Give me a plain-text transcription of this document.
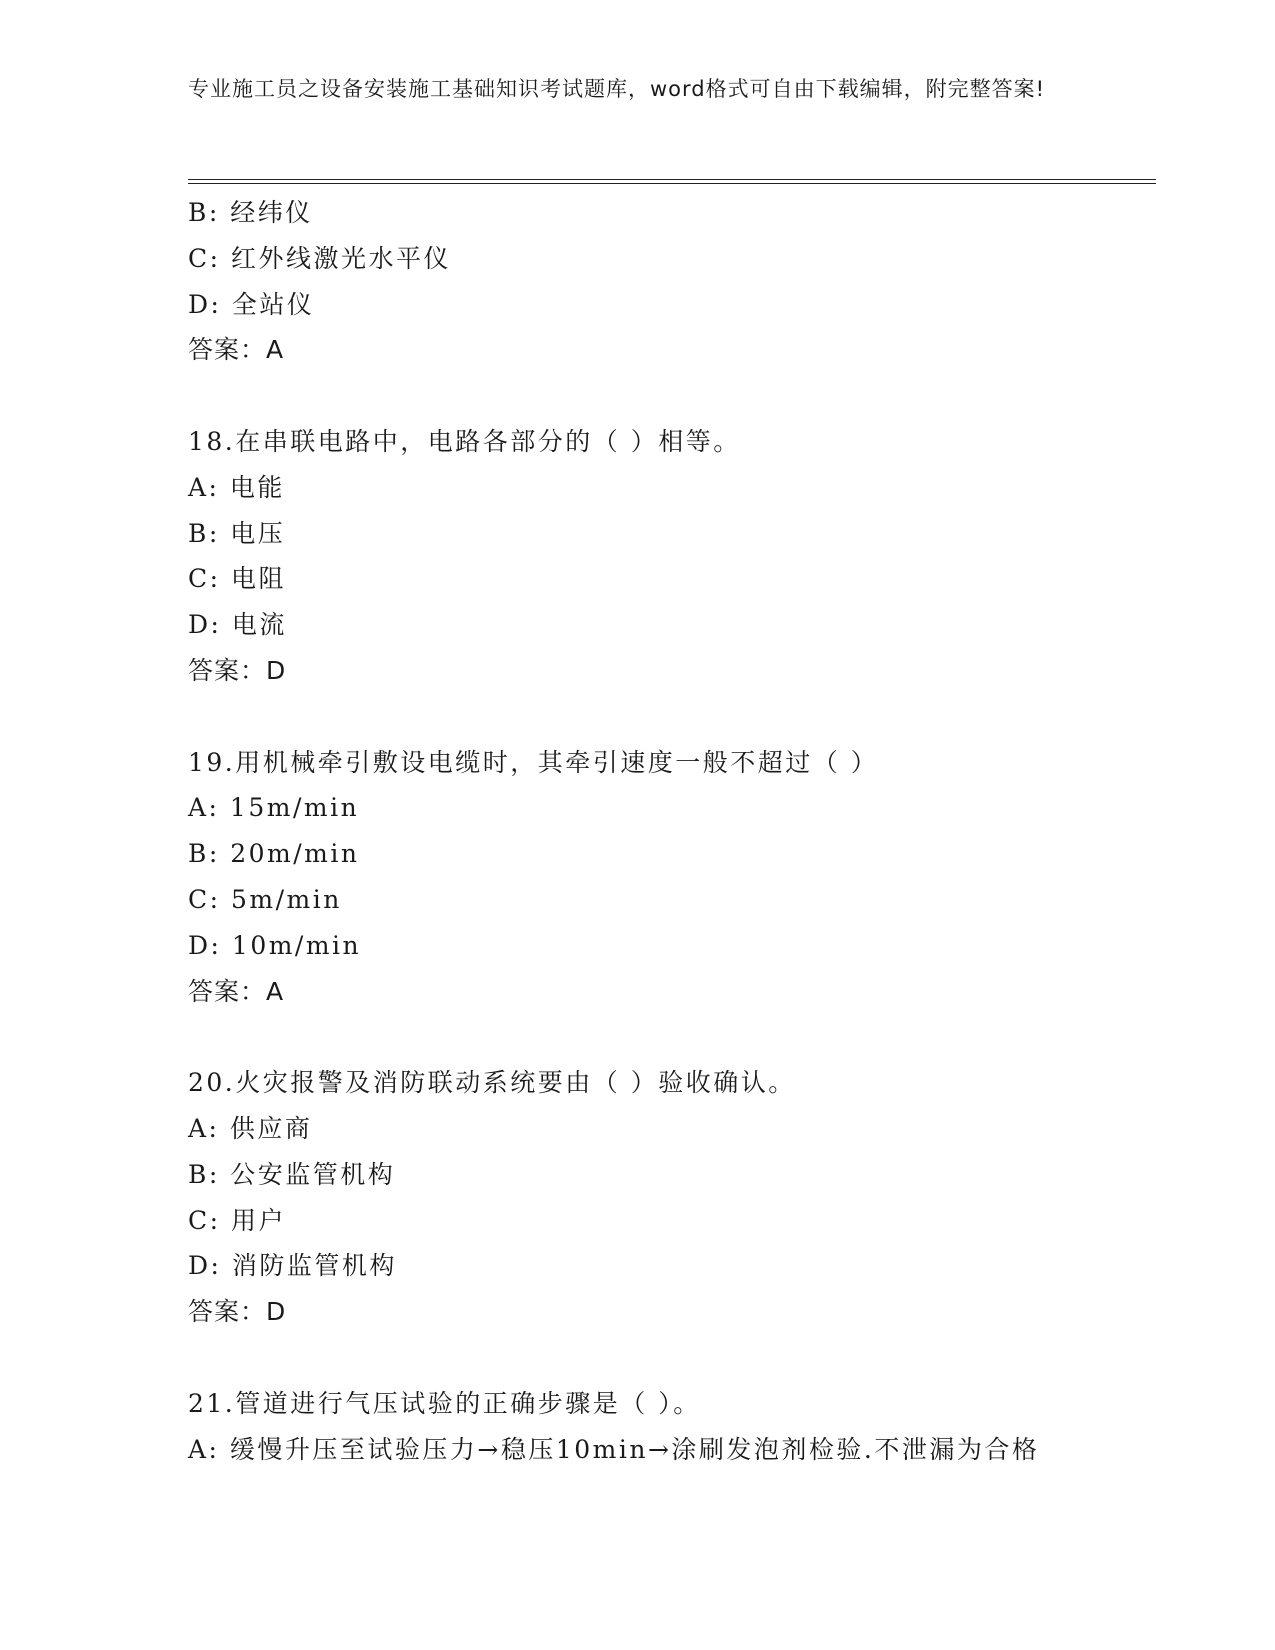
专业施工员之设备安装施工基础知识考试题库，word格式可自由下载编辑，附完整答案!
B: 经纬仪
C: 红外线激光水平仪
D: 全站仪
答案：A
18.在串联电路中，电路各部分的（ ）相等。
A: 电能
B: 电压
C: 电阻
D: 电流
答案：D
19.用机械牵引敷设电缆时，其牵引速度一般不超过（ ）
A: 15m/min
B: 20m/min
C: 5m/min
D: 10m/min
答案：A
20.火灾报警及消防联动系统要由（ ）验收确认。
A: 供应商
B: 公安监管机构
C: 用户
D: 消防监管机构
答案：D
21.管道进行气压试验的正确步骤是（ ）。
A: 缓慢升压至试验压力→稳压10min→涂刷发泡剂检验.不泄漏为合格
